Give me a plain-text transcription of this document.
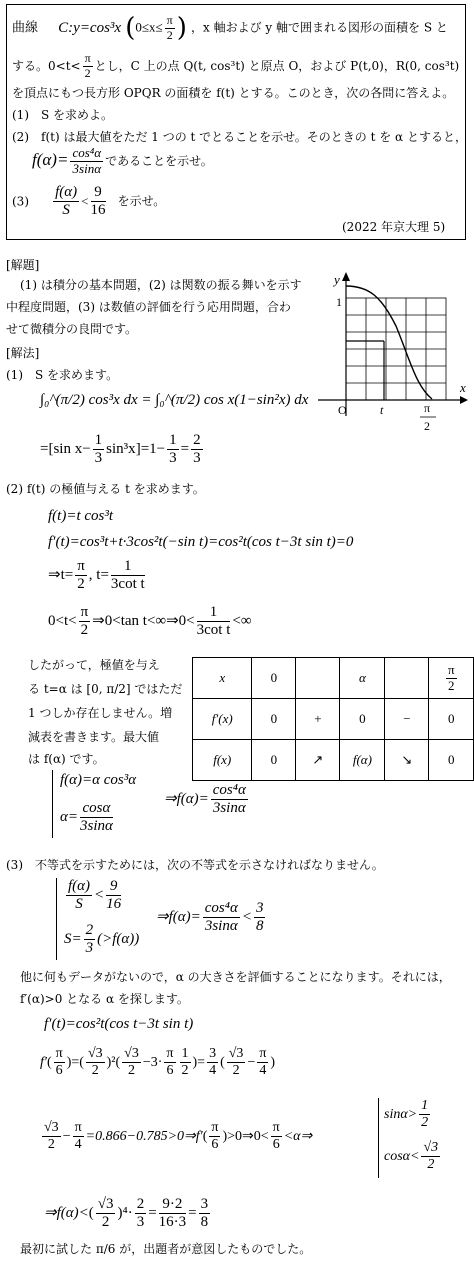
曲線 C:y=cos³x ($0\le x\le \frac{\pi}{2}$ ) ，x 軸および y 軸で囲まれる図形の面積を S と
する。$0<t< \frac{\pi}{2}$ とし，C 上の点 Q(t, cos³t) と原点 O，および P(t,0)，R(0, cos³t)
を頂点にもつ長方形 OPQR の面積を f(t) とする。このとき，次の各問に答えよ。
(1)　S を求めよ。
(2)　f(t) は最大値をただ 1 つの t でとることを示せ。そのときの t を α とすると，
$f(\alpha)= \frac{\text{cos⁴α}}{3\sin\alpha}$ であることを示せ。
$(3) \frac{f(\alpha)}{S} < \frac{9}{16}$ を示せ。
(2022 年京大理 5)
[解題]
(1) は積分の基本問題，(2) は関数の振る舞いを示す
中程度問題，(3) は数値の評価を行う応用問題，合わ
せて微積分の良問です。
y
x
1
O	t	π
2
[解法]
(1)　S を求めます。
∫₀^(π/2) cos³x dx = ∫₀^(π/2) cos x(1−sin²x) dx
=[sin $x- \frac{1}{3} \sin^3x]=1- \frac{1}{3} = \frac{2}{3}$
(2) f(t) の極値与える t を求めます。
f(t)=t cos³t
f′(t)=cos³t+t·3cos²t(−sin t)=cos²t(cos t−3t sin t)=0
⇒t= $\frac{\pi}{2}$ , $t= \frac{1}{\text{3cot t}}$
$0<t< \frac{\pi}{2}$ ⇒0<tan t<∞⇒0< $\frac{1}{\text{3cot t}}$ <∞
したがって，極値を与え
る t=α は [0, π/2] ではただ
1 つしか存在しません。増
減表を書きます。最大値
は f(α) です。
x	0		α		$\frac{\pi}{2}$

f′(x)	0	+	0	−	0
f(x)	0	↗	f(α)	↘	0
f(α)=α cos³α
$\alpha= \frac{\cos\alpha}{3\sin\alpha}$
⇒f(α)= $\frac{\text{cos⁴α}}{3\sin\alpha}$
(3)　不等式を示すためには，次の不等式を示さなければなりません。
$\frac{f(\alpha)}{S} < \frac{9}{16}$
$S= \frac{2}{3} (>f(\alpha))$
⇒f(α)= $\frac{\text{cos⁴α}}{3\sin\alpha} < \frac{3}{8}$
他に何もデータがないので，α の大きさを評価することになります。それには，
f′(α)>0 となる α を探します。
f′(t)=cos²t(cos t−3t sin t)
$f'( \frac{\pi}{6}$ )=( $\frac{√3}{2} )^2( \frac{√3}{2} -3\cdot \frac{\pi}{6} \frac{1}{2}$ )= $\frac{3}{4}$ ( $\frac{√3}{2} - \frac{\pi}{4}$ )
$\frac{√3}{2} - \frac{\pi}{4}$ =0.866−0.785>0⇒f′( $\frac{\pi}{6}$ )>0⇒0< $\frac{\pi}{6}$ <α⇒
$\sin\alpha> \frac{1}{2}$
$\cos\alpha< \frac{√3}{2}$
⇒f(α)<( $\frac{√3}{2} )^4\cdot \frac{2}{3} = \frac{9\cdot 2}{16\cdot 3} = \frac{3}{8}$
最初に試した π/6 が，出題者が意図したものでした。
